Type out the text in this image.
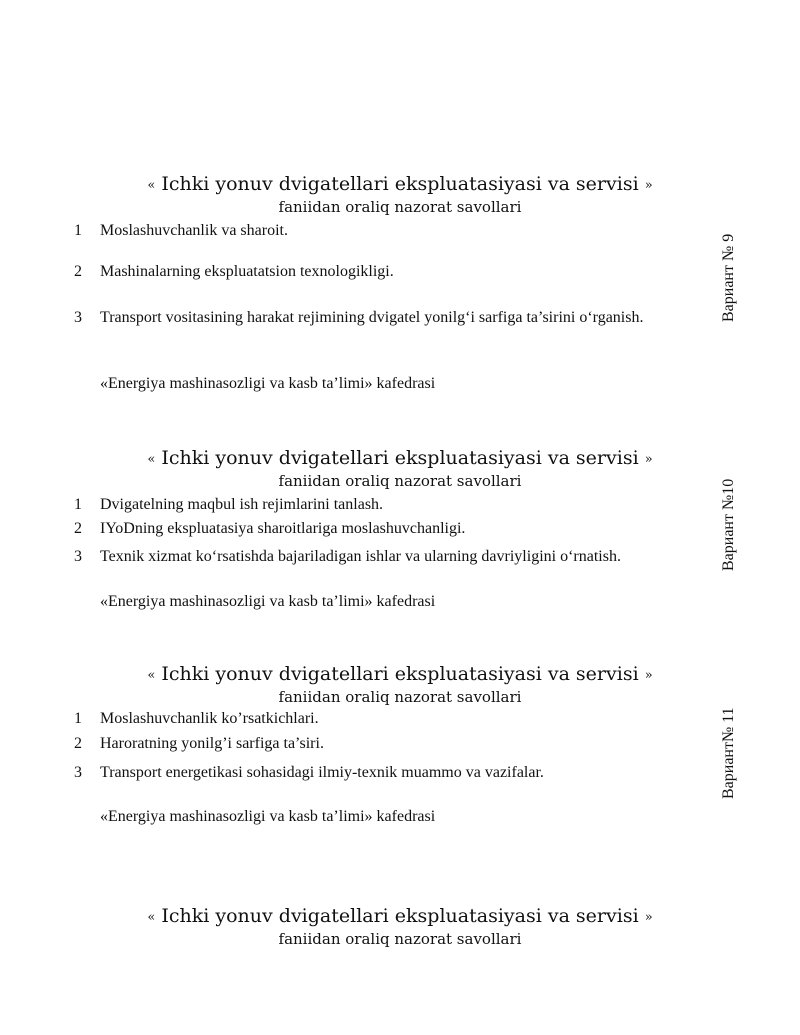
« Ichki yonuv dvigatellari ekspluatasiyasi va servisi »
faniidan oraliq nazorat savollari
1	Moslashuvchanlik va sharoit.
2	Mashinalarning ekspluatatsion texnologikligi.
3	Transport vositasining harakat rejimining dvigatel yonilg‘i sarfiga ta’sirini o‘rganish.
«Energiya mashinasozligi va kasb ta’limi» kafedrasi
Вариант № 9
« Ichki yonuv dvigatellari ekspluatasiyasi va servisi »
faniidan oraliq nazorat savollari
1	Dvigatelning maqbul ish rejimlarini tanlash.
2	IYoDning ekspluatasiya sharoitlariga moslashuvchanligi.
3	Texnik xizmat ko‘rsatishda bajariladigan ishlar va ularning davriyligini o‘rnatish.
«Energiya mashinasozligi va kasb ta’limi» kafedrasi
Вариант №10
« Ichki yonuv dvigatellari ekspluatasiyasi va servisi »
faniidan oraliq nazorat savollari
1	Moslashuvchanlik ko’rsatkichlari.
2	Haroratning yonilg’i sarfiga ta’siri.
3	Transport energetikasi sohasidagi ilmiy-texnik muammo va vazifalar.
«Energiya mashinasozligi va kasb ta’limi» kafedrasi
Вариант№ 11
« Ichki yonuv dvigatellari ekspluatasiyasi va servisi »
faniidan oraliq nazorat savollari
